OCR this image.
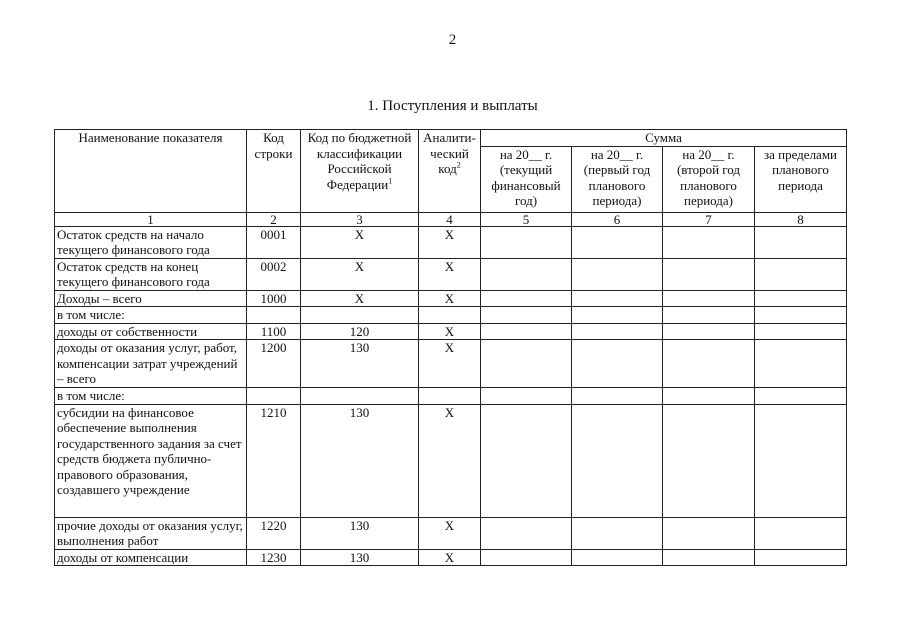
2
1. Поступления и выплаты
Наименование показателя	Код строки	Код по бюджетной классификации Российской Федерации$^1$	Аналити-ческий код$^2$	Сумма			
				на 20__ г. (текущий финансовый год)	на 20__ г. (первый год планового периода)	на 20__ г. (второй год планового периода)	за пределами планового периода
1	2	3	4	5	6	7	8
Остаток средств на начало текущего финансового года	0001	Х	Х				
Остаток средств на конец текущего финансового года	0002	Х	Х				
Доходы – всего	1000	Х	Х				
в том числе:							
доходы от собственности	1100	120	Х				
доходы от оказания услуг, работ, компенсации затрат учреждений – всего	1200	130	Х				
в том числе:							
субсидии на финансовое обеспечение выполнения государственного задания за счет средств бюджета публично-правового образования, создавшего учреждение	1210	130	Х				
прочие доходы от оказания услуг, выполнения работ	1220	130	Х				
доходы от компенсации	1230	130	Х				
